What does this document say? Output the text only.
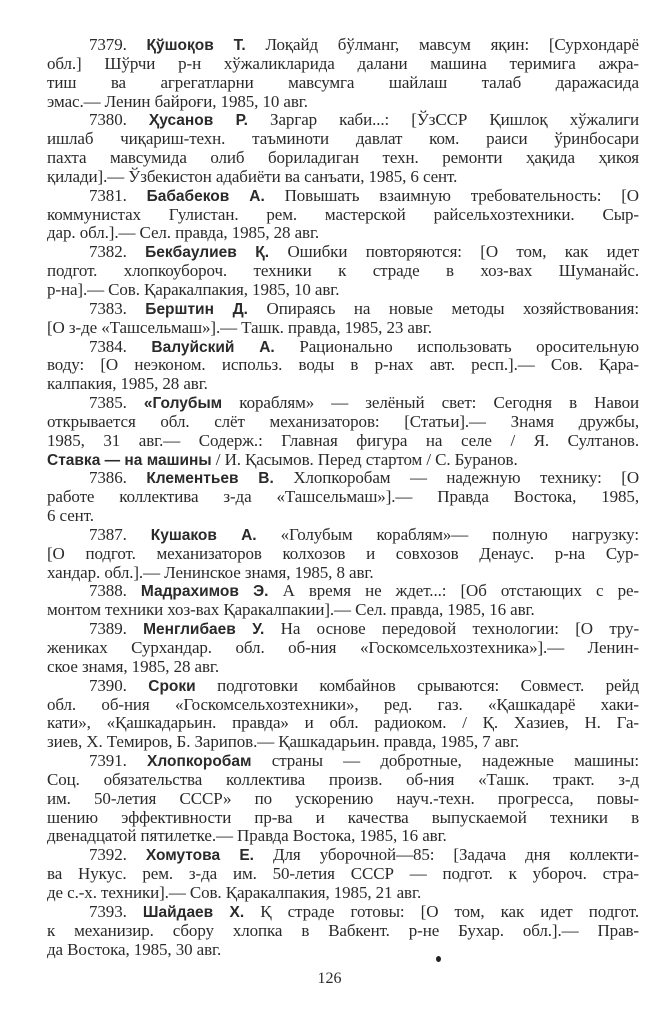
7379. Қўшоқов Т. Лоқайд бўлманг, мавсум яқин: [Сурхондарё
обл.] Шўрчи р-н хўжаликларида далани машина теримига ажра-
тиш ва агрегатларни мавсумга шайлаш талаб даражасида
эмас.— Ленин байроғи, 1985, 10 авг.
7380. Ҳусанов Р. Заргар каби...: [ЎзССР Қишлоқ хўжалиги
ишлаб чиқариш-техн. таъминоти давлат ком. раиси ўринбосари
пахта мавсумида олиб бориладиган техн. ремонти ҳақида ҳикоя
қилади].— Ўзбекистон адабиёти ва санъати, 1985, 6 сент.
7381. Бабабеков А. Повышать взаимную требовательность: [О
коммунистах Гулистан. рем. мастерской райсельхозтехники. Сыр-
дар. обл.].— Сел. правда, 1985, 28 авг.
7382. Бекбаулиев Қ. Ошибки повторяются: [О том, как идет
подгот. хлопкоубороч. техники к страде в хоз-вах Шуманайс.
р-на].— Сов. Қаракалпакия, 1985, 10 авг.
7383. Берштин Д. Опираясь на новые методы хозяйствования:
[О з-де «Ташсельмаш»].— Ташк. правда, 1985, 23 авг.
7384. Валуйский А. Рационально использовать оросительную
воду: [О неэконом. использ. воды в р-нах авт. респ.].— Сов. Қара-
калпакия, 1985, 28 авг.
7385. «Голубым кораблям» — зелёный свет: Сегодня в Навои
открывается обл. слёт механизаторов: [Статьи].— Знамя дружбы,
1985, 31 авг.— Содерж.: Главная фигура на селе / Я. Султанов.
Ставка — на машины / И. Қасымов. Перед стартом / С. Буранов.
7386. Клементьев В. Хлопкоробам — надежную технику: [О
работе коллектива з-да «Ташсельмаш»].— Правда Востока, 1985,
6 сент.
7387. Кушаков А. «Голубым кораблям»— полную нагрузку:
[О подгот. механизаторов колхозов и совхозов Денаус. р-на Сур-
хандар. обл.].— Ленинское знамя, 1985, 8 авг.
7388. Мадрахимов Э. А время не ждет...: [Об отстающих с ре-
монтом техники хоз-вах Қаракалпакии].— Сел. правда, 1985, 16 авг.
7389. Менглибаев У. На основе передовой технологии: [О тру-
жениках Сурхандар. обл. об-ния «Госкомсельхозтехника»].— Ленин-
ское знамя, 1985, 28 авг.
7390. Сроки подготовки комбайнов срываются: Совмест. рейд
обл. об-ния «Госкомсельхозтехники», ред. газ. «Қашкадарё хаки-
кати», «Қашкадарьин. правда» и обл. радиоком. / Қ. Хазиев, Н. Га-
зиев, Х. Темиров, Б. Зарипов.— Қашкадарьин. правда, 1985, 7 авг.
7391. Хлопкоробам страны — добротные, надежные машины:
Соц. обязательства коллектива произв. об-ния «Ташк. тракт. з-д
им. 50-летия СССР» по ускорению науч.-техн. прогресса, повы-
шению эффективности пр-ва и качества выпускаемой техники в
двенадцатой пятилетке.— Правда Востока, 1985, 16 авг.
7392. Хомутова Е. Для уборочной—85: [Задача дня коллекти-
ва Нукус. рем. з-да им. 50-летия СССР — подгот. к убороч. стра-
де с.-х. техники].— Сов. Қаракалпакия, 1985, 21 авг.
7393. Шайдаев Х. Қ страде готовы: [О том, как идет подгот.
к механизир. сбору хлопка в Вабкент. р-не Бухар. обл.].— Прав-
да Востока, 1985, 30 авг.
126
